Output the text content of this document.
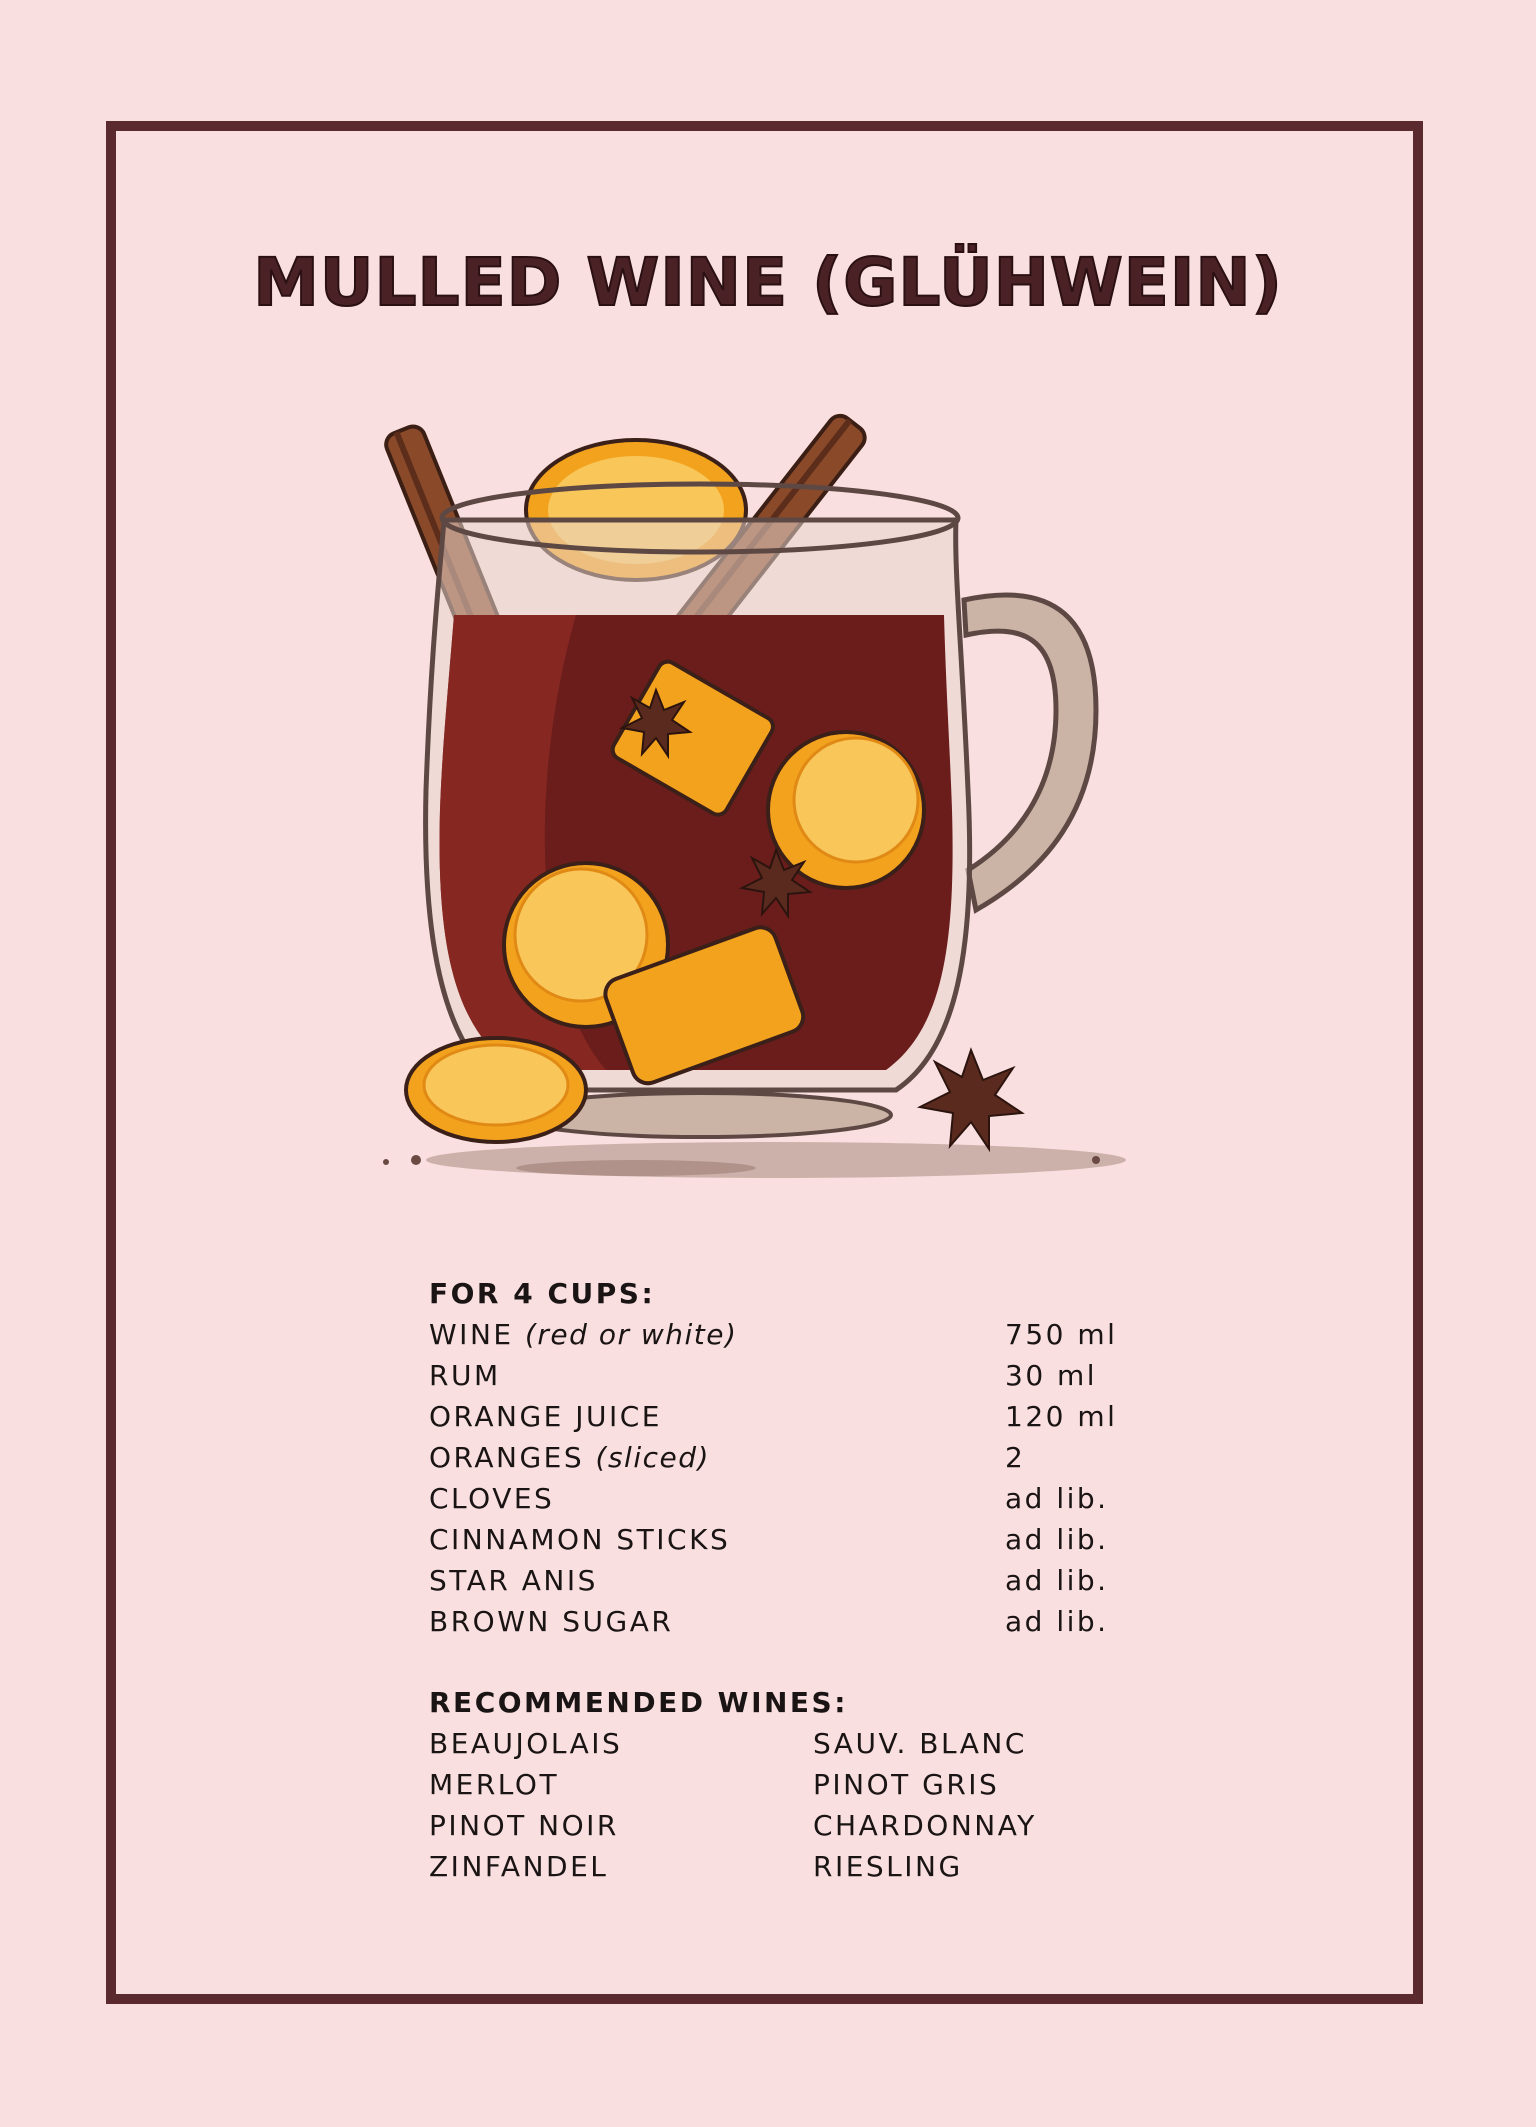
MULLED WINE (GLÜHWEIN)
FOR 4 CUPS:
WINE (red or white)	750 ml
RUM	30 ml
ORANGE JUICE	120 ml
ORANGES (sliced)	2
CLOVES	ad lib.
CINNAMON STICKS	ad lib.
STAR ANIS	ad lib.
BROWN SUGAR	ad lib.
RECOMMENDED WINES:
BEAUJOLAIS	SAUV. BLANC
MERLOT	PINOT GRIS
PINOT NOIR	CHARDONNAY
ZINFANDEL	RIESLING
